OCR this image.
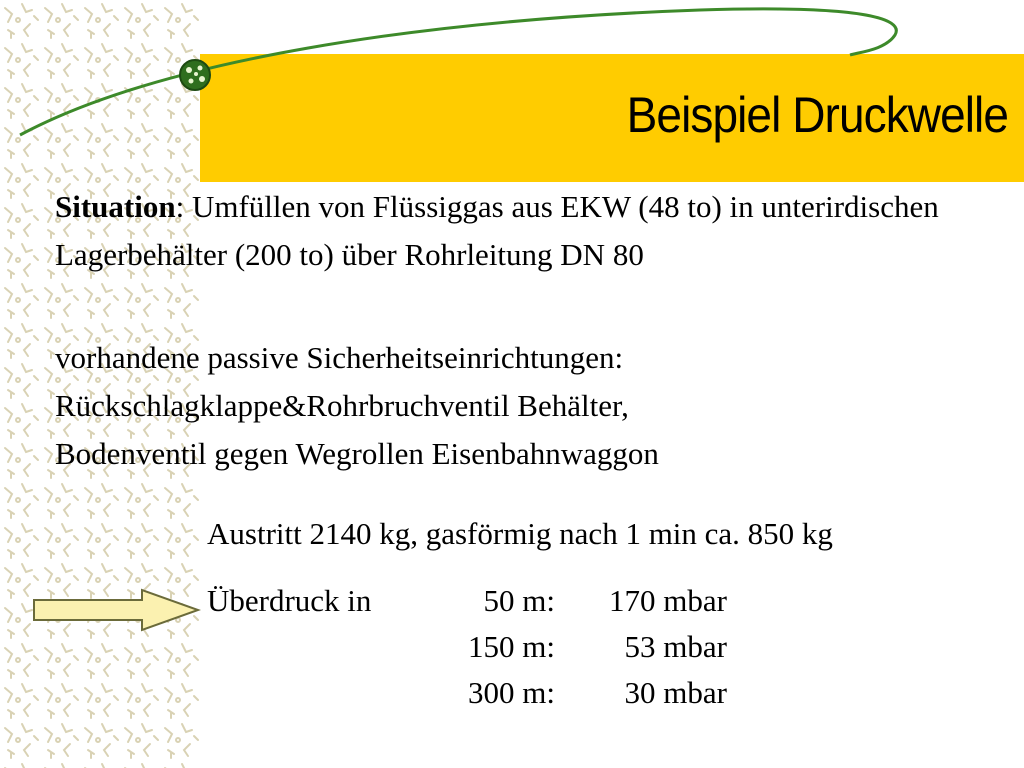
Beispiel Druckwelle
Situation: Umfüllen von Flüssiggas aus EKW (48 to) in unterirdischen Lagerbehälter (200 to) über Rohrleitung DN 80
vorhandene passive Sicherheitseinrichtungen:
Rückschlagklappe&Rohrbruchventil Behälter,
Bodenventil gegen Wegrollen Eisenbahnwaggon
Austritt 2140 kg, gasförmig nach 1 min ca. 850 kg
Überdruck in	50 m: 170 mbar
150 m: 53 mbar
300 m: 30 mbar
